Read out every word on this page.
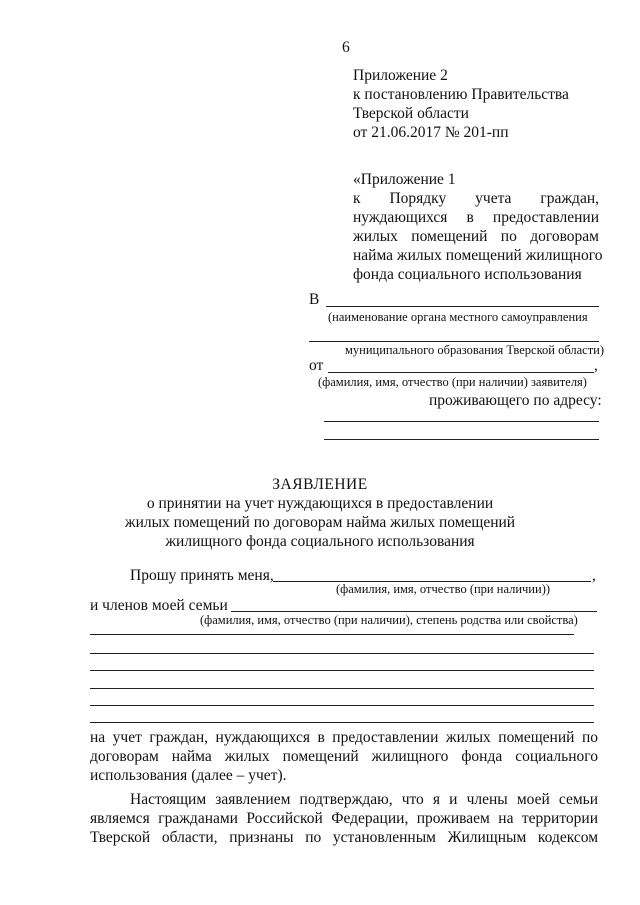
6
Приложение 2
к постановлению Правительства
Тверской области
от 21.06.2017 № 201-пп
«Приложение 1
к Порядку учета граждан,
нуждающихся в предоставлении
жилых помещений по договорам
найма жилых помещений жилищного
фонда социального использования
В
(наименование органа местного самоуправления
муниципального образования Тверской области)
от	,
(фамилия, имя, отчество (при наличии) заявителя)
проживающего по адресу:
ЗАЯВЛЕНИЕ
о принятии на учет нуждающихся в предоставлении
жилых помещений по договорам найма жилых помещений
жилищного фонда социального использования
Прошу принять меня,	,
(фамилия, имя, отчество (при наличии))
и членов моей семьи
(фамилия, имя, отчество (при наличии), степень родства или свойства)
на учет граждан, нуждающихся в предоставлении жилых помещений по
договорам найма жилых помещений жилищного фонда социального
использования (далее – учет).
Настоящим заявлением подтверждаю, что я и члены моей семьи
являемся гражданами Российской Федерации, проживаем на территории
Тверской области, признаны по установленным Жилищным кодексом
